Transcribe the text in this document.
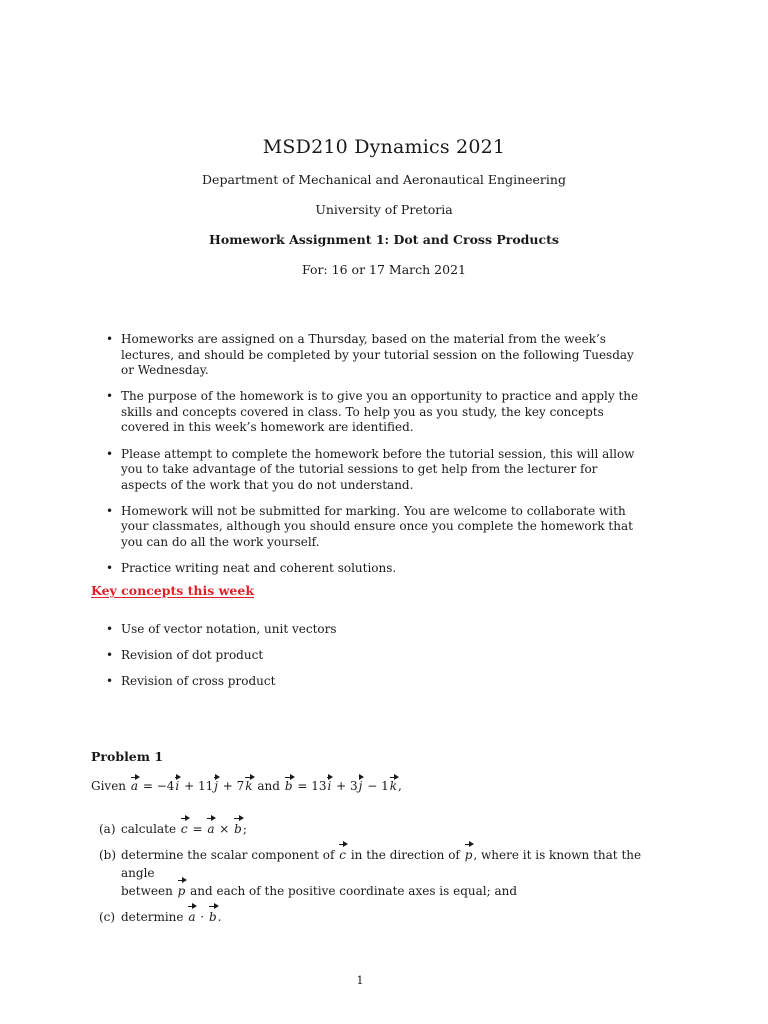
MSD210 Dynamics 2021
Department of Mechanical and Aeronautical Engineering
University of Pretoria
Homework Assignment 1: Dot and Cross Products
For: 16 or 17 March 2021
• Homeworks are assigned on a Thursday, based on the material from the week’s lectures, and should be completed by your tutorial session on the following Tuesday or Wednesday.
• The purpose of the homework is to give you an opportunity to practice and apply the skills and concepts covered in class. To help you as you study, the key concepts covered in this week’s homework are identified.
• Please attempt to complete the homework before the tutorial session, this will allow you to take advantage of the tutorial sessions to get help from the lecturer for aspects of the work that you do not understand.
• Homework will not be submitted for marking. You are welcome to collaborate with your classmates, although you should ensure once you complete the homework that you can do all the work yourself.
• Practice writing neat and coherent solutions.
Key concepts this week
• Use of vector notation, unit vectors
• Revision of dot product
• Revision of cross product
Problem 1
Given a = −4i + 11j + 7k and b = 13i + 3j − 1k,
(a) calculate c = a × b;
(b) determine the scalar component of c in the direction of p, where it is known that the angle
between p and each of the positive coordinate axes is equal; and
(c) determine a · b.
1
